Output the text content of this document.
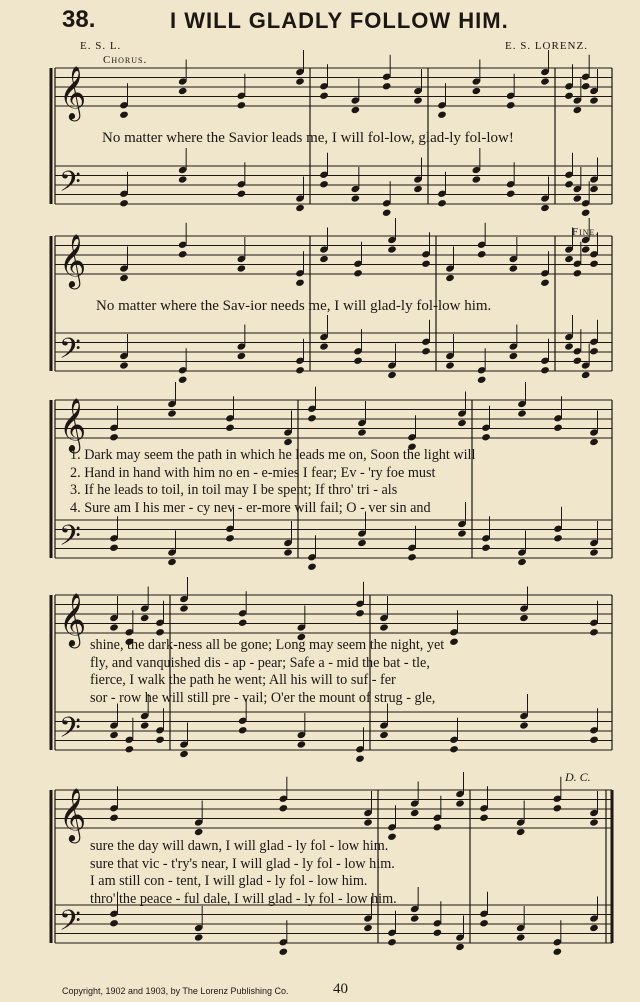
38.	I WILL GLADLY FOLLOW HIM.
E. S. L.	E. S. LORENZ.
Chorus.
Fine.
D. C.
𝄞
𝄢
𝄞
𝄢
𝄞
𝄢
𝄞
𝄢
𝄞
𝄢
No matter where the Savior leads me, I will fol-low, glad-ly fol-low!
No matter where the Sav-ior needs me, I will glad-ly fol-low him.
1. Dark may seem the path in which he leads me on, Soon the light will
2. Hand in hand with him no en - e-mies I fear; Ev - 'ry foe must
3. If he leads to toil, in toil may I be spent; If thro' tri - als
4. Sure am I his mer - cy nev - er-more will fail; O - ver sin and
shine, the dark-ness all be gone; Long may seem the night, yet
fly, and vanquished dis - ap - pear; Safe a - mid the bat - tle,
fierce, I walk the path he went; All his will to suf - fer
sor - row he will still pre - vail; O'er the mount of strug - gle,
sure the day will dawn, I will glad - ly fol - low him.
sure that vic - t'ry's near, I will glad - ly fol - low him.
I am still con - tent, I will glad - ly fol - low him.
thro' the peace - ful dale, I will glad - ly fol - low him.
Copyright, 1902 and 1903, by The Lorenz Publishing Co.	40
